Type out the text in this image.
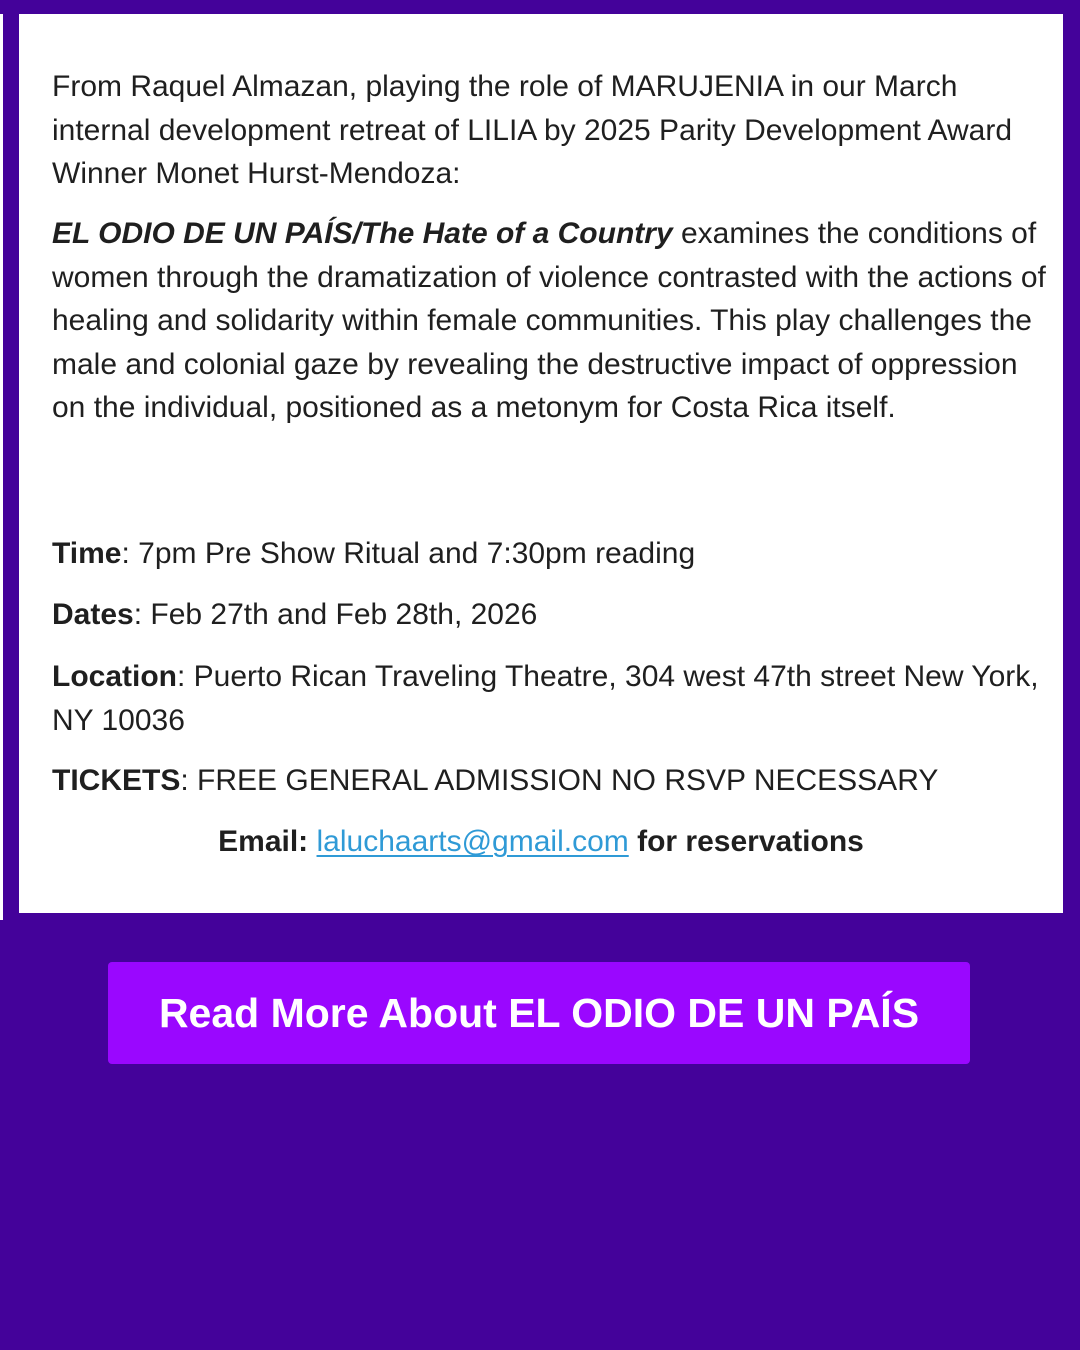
From Raquel Almazan, playing the role of MARUJENIA in our March internal development retreat of LILIA by 2025 Parity Development Award Winner Monet Hurst-Mendoza:

EL ODIO DE UN PAÍS/The Hate of a Country examines the conditions of women through the dramatization of violence contrasted with the actions of healing and solidarity within female communities. This play challenges the male and colonial gaze by revealing the destructive impact of oppression on the individual, positioned as a metonym for Costa Rica itself.

Time: 7pm Pre Show Ritual and 7:30pm reading

Dates: Feb 27th and Feb 28th, 2026

Location: Puerto Rican Traveling Theatre, 304 west 47th street New York, NY 10036

TICKETS: FREE GENERAL ADMISSION NO RSVP NECESSARY

Email: laluchaarts@gmail.com for reservations
Read More About EL ODIO DE UN PAÍS
